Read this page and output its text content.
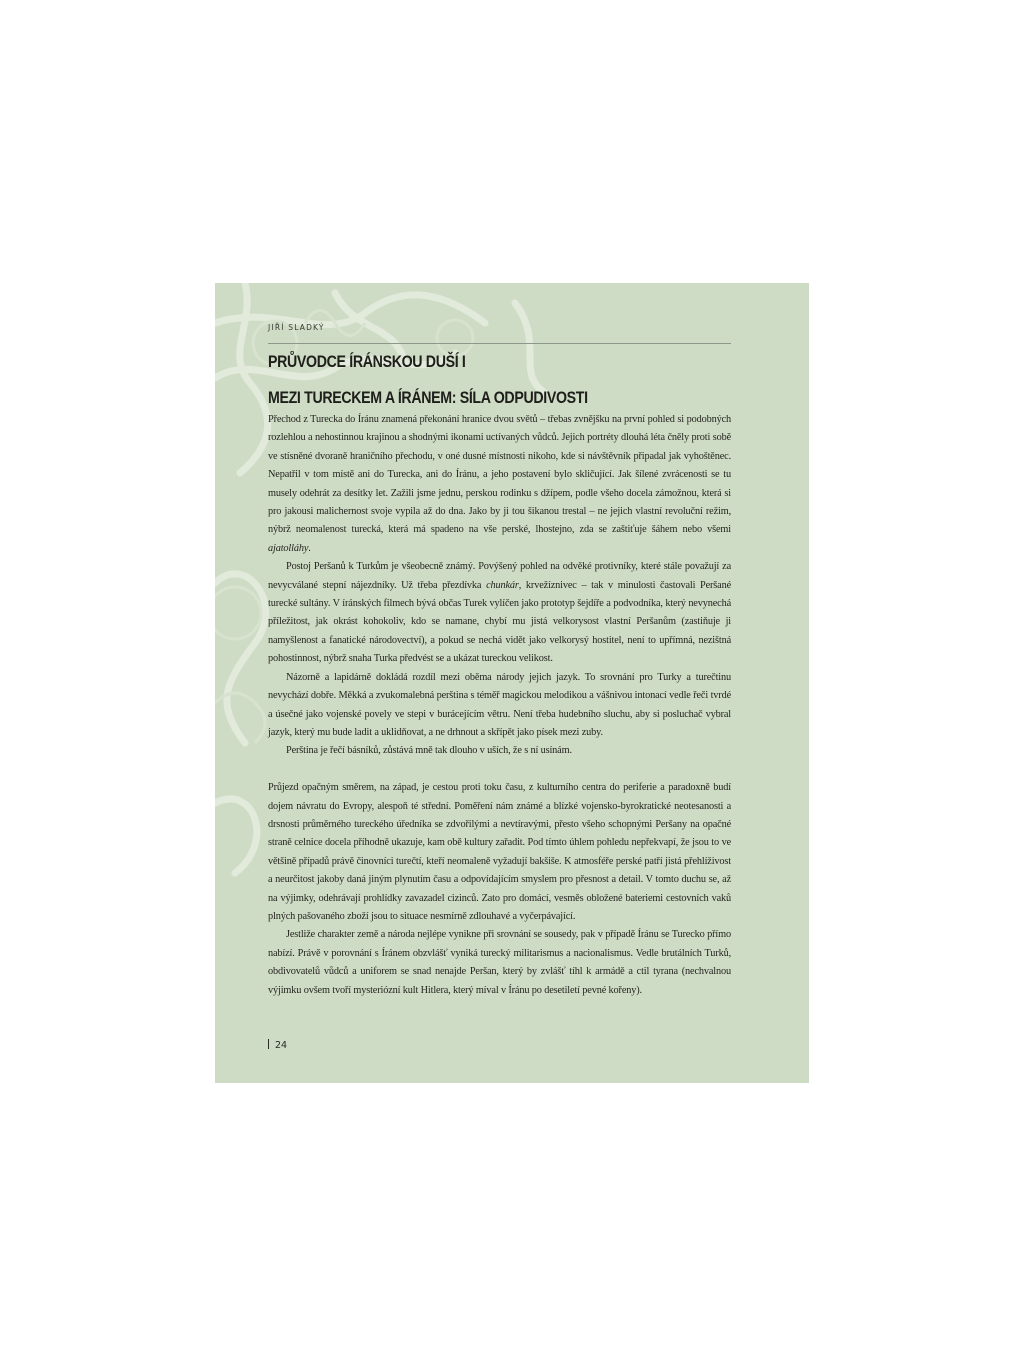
JIŘÍ SLADKÝ

PRŮVODCE ÍRÁNSKOU DUŠÍ I
MEZI TURECKEM A ÍRÁNEM: SÍLA ODPUDIVOSTI

Přechod z Turecka do Íránu znamená překonání hranice dvou světů – třebas zvnějšku na první pohled si podobných rozlehlou a nehostinnou krajinou a shodnými ikonami uctívaných vůdců. Jejich portréty dlouhá léta čněly proti sobě ve stísněné dvoraně hraničního přechodu, v oné dusné místnosti nikoho, kde si návštěvník připadal jak vyhoštěnec. Nepatřil v tom místě ani do Turecka, ani do Íránu, a jeho postavení bylo skličující. Jak šílené zvrácenosti se tu musely odehrát za desítky let. Zažili jsme jednu, perskou rodinku s džípem, podle všeho docela zámožnou, která si pro jakousi malichernost svoje vypila až do dna. Jako by ji tou šikanou trestal – ne jejich vlastní revoluční režim, nýbrž neomalenost turecká, která má spadeno na vše perské, lhostejno, zda se zaštiťuje šáhem nebo všemi ajatolláhy.

Postoj Peršanů k Turkům je všeobecně známý. Povýšený pohled na odvěké protivníky, které stále považují za nevycválané stepní nájezdníky. Už třeba přezdívka chunkár, krvežíznivec – tak v minulosti častovali Peršané turecké sultány. V íránských filmech bývá občas Turek vylíčen jako prototyp šejdíře a podvodníka, který nevynechá příležitost, jak okrást kohokoliv, kdo se namane, chybí mu jistá velkorysost vlastní Peršanům (zastiňuje ji namyšlenost a fanatické národovectví), a pokud se nechá vidět jako velkorysý hostitel, není to upřímná, nezištná pohostinnost, nýbrž snaha Turka předvést se a ukázat tureckou velikost.

Názorně a lapidárně dokládá rozdíl mezi oběma národy jejich jazyk. To srovnání pro Turky a turečtinu nevychází dobře. Měkká a zvukomalebná perština s téměř magickou melodikou a vášnivou intonací vedle řeči tvrdé a úsečné jako vojenské povely ve stepi v burácejícím větru. Není třeba hudebního sluchu, aby si posluchač vybral jazyk, který mu bude ladit a uklidňovat, a ne drhnout a skřípět jako písek mezi zuby.

Perština je řečí básníků, zůstává mně tak dlouho v uších, že s ní usínám.

Průjezd opačným směrem, na západ, je cestou proti toku času, z kulturního centra do periferie a paradoxně budí dojem návratu do Evropy, alespoň té střední. Poměření nám známé a blízké vojensko-byrokratické neotesanosti a drsnosti průměrného tureckého úředníka se zdvořilými a nevtíravými, přesto všeho schopnými Peršany na opačné straně celnice docela příhodně ukazuje, kam obě kultury zařadit. Pod tímto úhlem pohledu nepřekvapí, že jsou to ve většině případů právě činovníci turečtí, kteří neomaleně vyžadují bakšiše. K atmosféře perské patří jistá přehlíživost a neurčitost jakoby daná jiným plynutím času a odpovídajícím smyslem pro přesnost a detail. V tomto duchu se, až na výjimky, odehrávají prohlídky zavazadel cizinců. Zato pro domácí, vesměs obložené bateriemi cestovních vaků plných pašovaného zboží jsou to situace nesmírně zdlouhavé a vyčerpávající.

Jestliže charakter země a národa nejlépe vynikne při srovnání se sousedy, pak v případě Íránu se Turecko přímo nabízí. Právě v porovnání s Íránem obzvlášť vyniká turecký militarismus a nacionalismus. Vedle brutálních Turků, obdivovatelů vůdců a uniforem se snad nenajde Peršan, který by zvlášť tíhl k armádě a ctil tyrana (nechvalnou výjimku ovšem tvoří mysteriózní kult Hitlera, který míval v Íránu po desetiletí pevné kořeny).

24
